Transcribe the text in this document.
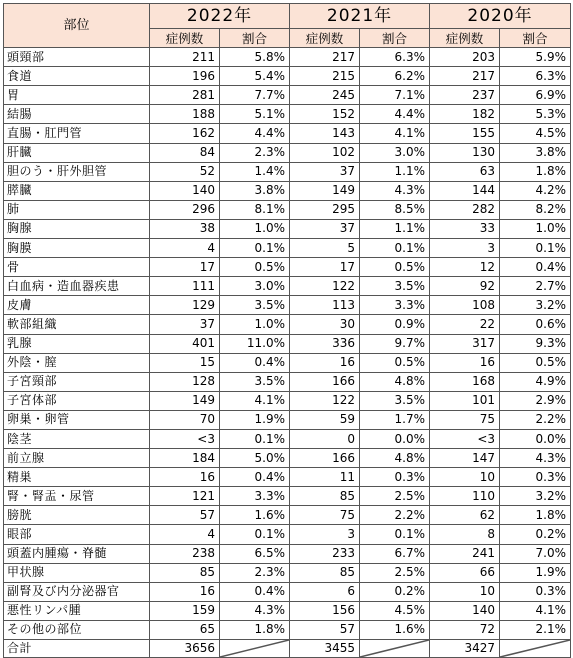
部位	2022年		2021年		2020年	
	症例数	割合	症例数	割合	症例数	割合
頭頸部	211	5.8%	217	6.3%	203	5.9%
食道	196	5.4%	215	6.2%	217	6.3%
胃	281	7.7%	245	7.1%	237	6.9%
結腸	188	5.1%	152	4.4%	182	5.3%
直腸・肛門管	162	4.4%	143	4.1%	155	4.5%
肝臓	84	2.3%	102	3.0%	130	3.8%
胆のう・肝外胆管	52	1.4%	37	1.1%	63	1.8%
膵臓	140	3.8%	149	4.3%	144	4.2%
肺	296	8.1%	295	8.5%	282	8.2%
胸腺	38	1.0%	37	1.1%	33	1.0%
胸膜	4	0.1%	5	0.1%	3	0.1%
骨	17	0.5%	17	0.5%	12	0.4%
白血病・造血器疾患	111	3.0%	122	3.5%	92	2.7%
皮膚	129	3.5%	113	3.3%	108	3.2%
軟部組織	37	1.0%	30	0.9%	22	0.6%
乳腺	401	11.0%	336	9.7%	317	9.3%
外陰・膣	15	0.4%	16	0.5%	16	0.5%
子宮頸部	128	3.5%	166	4.8%	168	4.9%
子宮体部	149	4.1%	122	3.5%	101	2.9%
卵巣・卵管	70	1.9%	59	1.7%	75	2.2%
陰茎	<3	0.1%	0	0.0%	<3	0.0%
前立腺	184	5.0%	166	4.8%	147	4.3%
精巣	16	0.4%	11	0.3%	10	0.3%
腎・腎盂・尿管	121	3.3%	85	2.5%	110	3.2%
膀胱	57	1.6%	75	2.2%	62	1.8%
眼部	4	0.1%	3	0.1%	8	0.2%
頭蓋内腫瘍・脊髄	238	6.5%	233	6.7%	241	7.0%
甲状腺	85	2.3%	85	2.5%	66	1.9%
副腎及び内分泌器官	16	0.4%	6	0.2%	10	0.3%
悪性リンパ腫	159	4.3%	156	4.5%	140	4.1%
その他の部位	65	1.8%	57	1.6%	72	2.1%
合計	3656		3455		3427	
